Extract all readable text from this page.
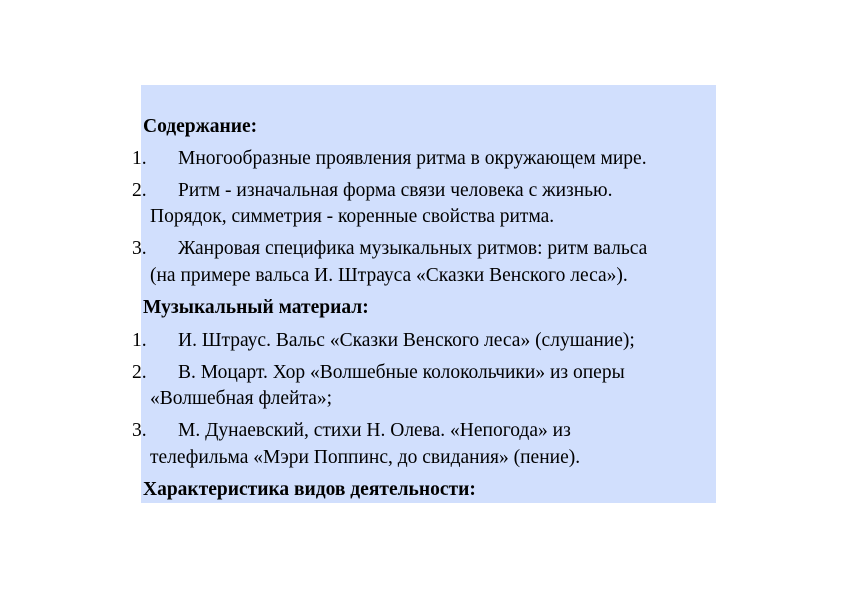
Содержание:
1. Многообразные проявления ритма в окружающем мире.
2. Ритм - изначальная форма связи человека с жизнью.
Порядок, симметрия - коренные свойства ритма.
3. Жанровая специфика музыкальных ритмов: ритм вальса
(на примере вальса И. Штрауса «Сказки Венского леса»).
Музыкальный материал:
1. И. Штраус. Вальс «Сказки Венского леса» (слушание);
2. В. Моцарт. Хор «Волшебные колокольчики» из оперы
«Волшебная флейта»;
3. М. Дунаевский, стихи Н. Олева. «Непогода» из
телефильма «Мэри Поппинс, до свидания» (пение).
Характеристика видов деятельности:
